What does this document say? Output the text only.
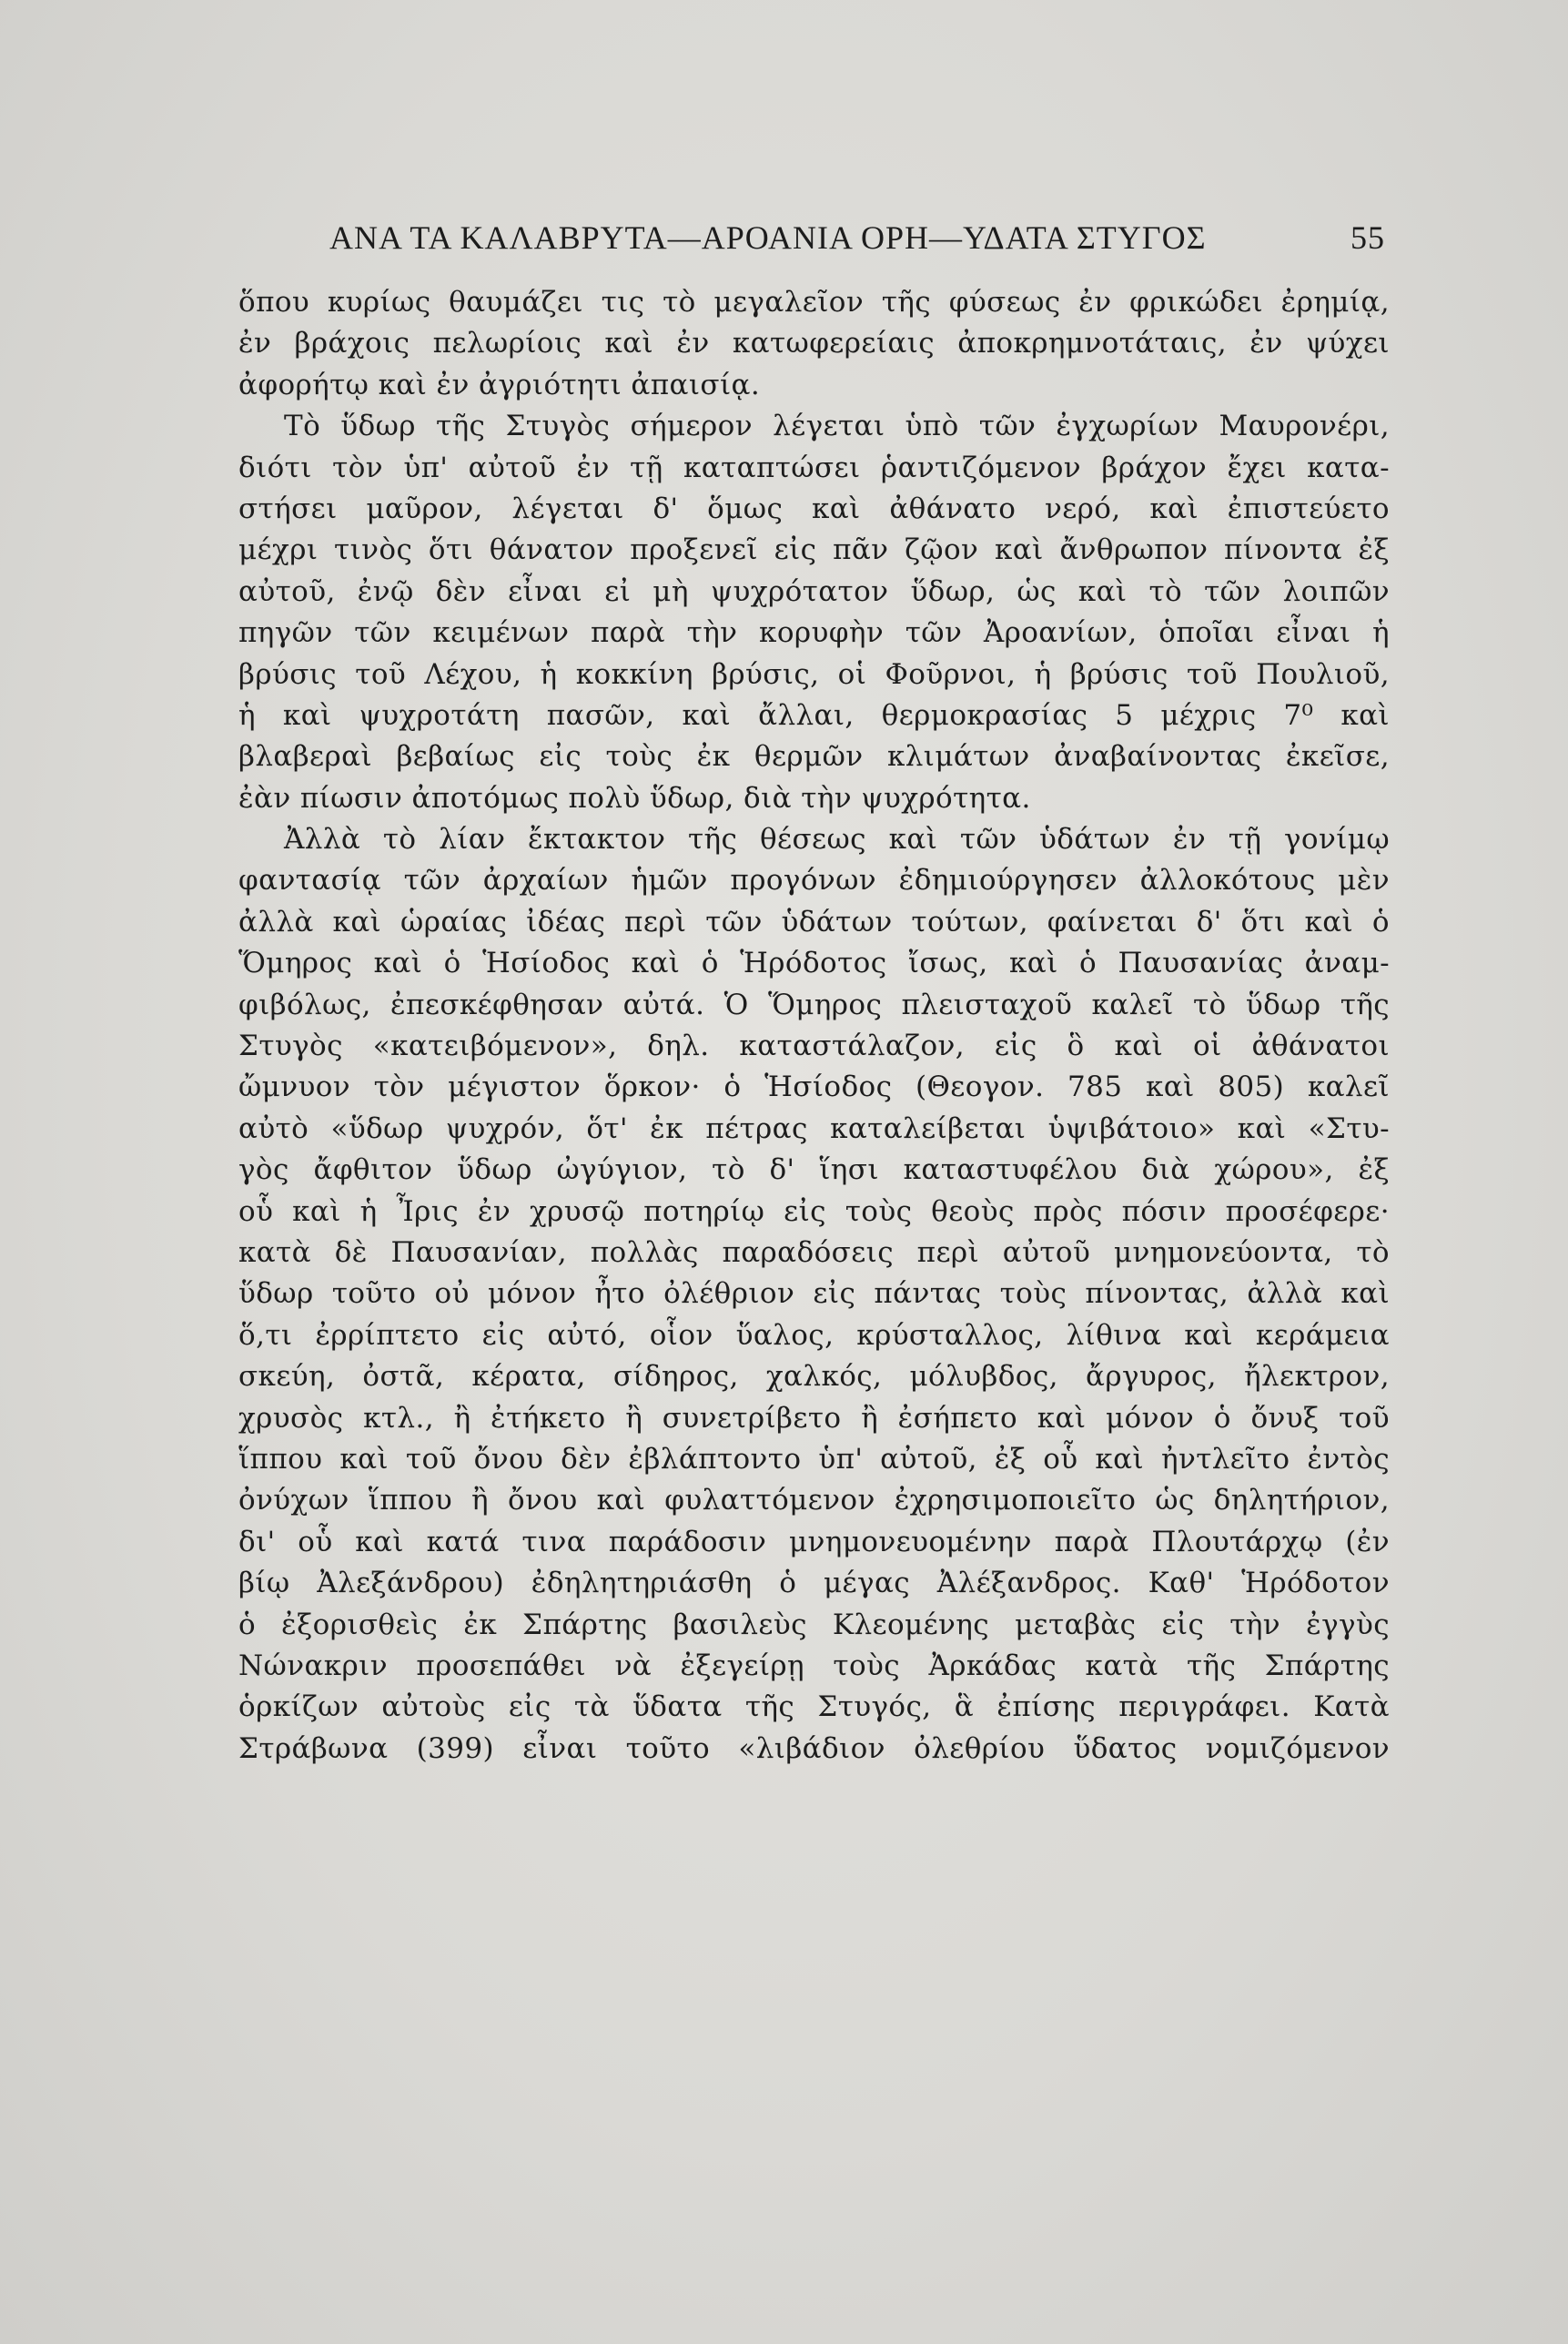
ΑΝΑ ΤΑ ΚΑΛΑΒΡΥΤΑ—ΑΡΟΑΝΙΑ ΟΡΗ—ΥΔΑΤΑ ΣΤΥΓΟΣ	55
ὅπου κυρίως θαυμάζει τις τὸ μεγαλεῖον τῆς φύσεως ἐν φρικώδει ἐρημίᾳ,
ἐν βράχοις πελωρίοις καὶ ἐν κατωφερείαις ἀποκρημνοτάταις, ἐν ψύχει
ἀφορήτῳ καὶ ἐν ἀγριότητι ἀπαισίᾳ.
Τὸ ὕδωρ τῆς Στυγὸς σήμερον λέγεται ὑπὸ τῶν ἐγχωρίων Μαυρονέρι,
διότι τὸν ὑπ' αὐτοῦ ἐν τῇ καταπτώσει ῥαντιζόμενον βράχον ἔχει κατα-
στήσει μαῦρον, λέγεται δ' ὅμως καὶ ἀθάνατο νερό, καὶ ἐπιστεύετο
μέχρι τινὸς ὅτι θάνατον προξενεῖ εἰς πᾶν ζῷον καὶ ἄνθρωπον πίνοντα ἐξ
αὐτοῦ, ἐνῷ δὲν εἶναι εἰ μὴ ψυχρότατον ὕδωρ, ὡς καὶ τὸ τῶν λοιπῶν
πηγῶν τῶν κειμένων παρὰ τὴν κορυφὴν τῶν Ἀροανίων, ὁποῖαι εἶναι ἡ
βρύσις τοῦ Λέχου, ἡ κοκκίνη βρύσις, οἱ Φοῦρνοι, ἡ βρύσις τοῦ Πουλιοῦ,
ἡ καὶ ψυχροτάτη πασῶν, καὶ ἄλλαι, θερμοκρασίας 5 μέχρις 7⁰ καὶ
βλαβεραὶ βεβαίως εἰς τοὺς ἐκ θερμῶν κλιμάτων ἀναβαίνοντας ἐκεῖσε,
ἐὰν πίωσιν ἀποτόμως πολὺ ὕδωρ, διὰ τὴν ψυχρότητα.
Ἀλλὰ τὸ λίαν ἔκτακτον τῆς θέσεως καὶ τῶν ὑδάτων ἐν τῇ γονίμῳ
φαντασίᾳ τῶν ἀρχαίων ἡμῶν προγόνων ἐδημιούργησεν ἀλλοκότους μὲν
ἀλλὰ καὶ ὡραίας ἰδέας περὶ τῶν ὑδάτων τούτων, φαίνεται δ' ὅτι καὶ ὁ
Ὅμηρος καὶ ὁ Ἡσίοδος καὶ ὁ Ἡρόδοτος ἴσως, καὶ ὁ Παυσανίας ἀναμ-
φιβόλως, ἐπεσκέφθησαν αὐτά. Ὁ Ὅμηρος πλεισταχοῦ καλεῖ τὸ ὕδωρ τῆς
Στυγὸς «κατειβόμενον», δηλ. καταστάλαζον, εἰς ὃ καὶ οἱ ἀθάνατοι
ὤμνυον τὸν μέγιστον ὅρκον· ὁ Ἡσίοδος (Θεογον. 785 καὶ 805) καλεῖ
αὐτὸ «ὕδωρ ψυχρόν, ὅτ' ἐκ πέτρας καταλείβεται ὑψιβάτοιο» καὶ «Στυ-
γὸς ἄφθιτον ὕδωρ ὠγύγιον, τὸ δ' ἵησι καταστυφέλου διὰ χώρου», ἐξ
οὗ καὶ ἡ Ἶρις ἐν χρυσῷ ποτηρίῳ εἰς τοὺς θεοὺς πρὸς πόσιν προσέφερε·
κατὰ δὲ Παυσανίαν, πολλὰς παραδόσεις περὶ αὐτοῦ μνημονεύοντα, τὸ
ὕδωρ τοῦτο οὐ μόνον ἦτο ὀλέθριον εἰς πάντας τοὺς πίνοντας, ἀλλὰ καὶ
ὅ,τι ἐρρίπτετο εἰς αὐτό, οἷον ὕαλος, κρύσταλλος, λίθινα καὶ κεράμεια
σκεύη, ὀστᾶ, κέρατα, σίδηρος, χαλκός, μόλυβδος, ἄργυρος, ἤλεκτρον,
χρυσὸς κτλ., ἢ ἐτήκετο ἢ συνετρίβετο ἢ ἐσήπετο καὶ μόνον ὁ ὄνυξ τοῦ
ἵππου καὶ τοῦ ὄνου δὲν ἐβλάπτοντο ὑπ' αὐτοῦ, ἐξ οὗ καὶ ἠντλεῖτο ἐντὸς
ὀνύχων ἵππου ἢ ὄνου καὶ φυλαττόμενον ἐχρησιμοποιεῖτο ὡς δηλητήριον,
δι' οὗ καὶ κατά τινα παράδοσιν μνημονευομένην παρὰ Πλουτάρχῳ (ἐν
βίῳ Ἀλεξάνδρου) ἐδηλητηριάσθη ὁ μέγας Ἀλέξανδρος. Καθ' Ἡρόδοτον
ὁ ἐξορισθεὶς ἐκ Σπάρτης βασιλεὺς Κλεομένης μεταβὰς εἰς τὴν ἐγγὺς
Νώνακριν προσεπάθει νὰ ἐξεγείρῃ τοὺς Ἀρκάδας κατὰ τῆς Σπάρτης
ὁρκίζων αὐτοὺς εἰς τὰ ὕδατα τῆς Στυγός, ἃ ἐπίσης περιγράφει. Κατὰ
Στράβωνα (399) εἶναι τοῦτο «λιβάδιον ὀλεθρίου ὕδατος νομιζόμενον
